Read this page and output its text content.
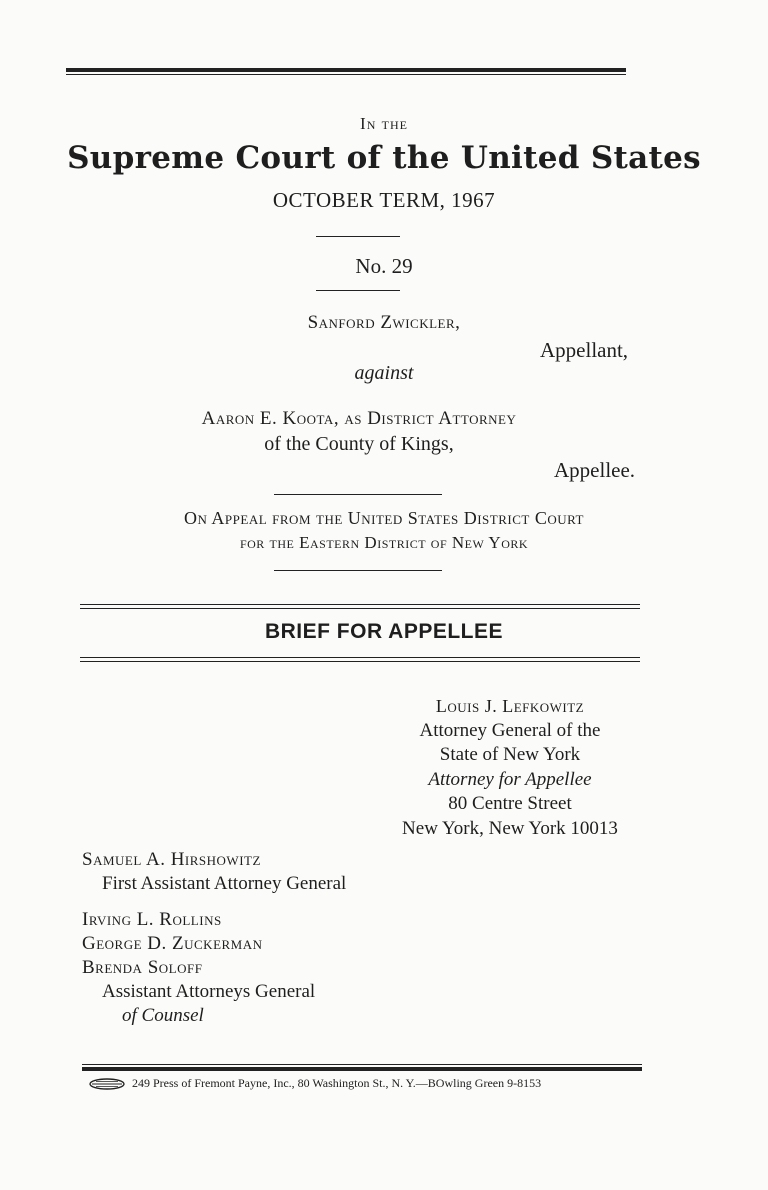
In the
Supreme Court of the United States
OCTOBER TERM, 1967
No. 29
Sanford Zwickler,
Appellant,
against
Aaron E. Koota, as District Attorney
of the County of Kings,
Appellee.
On Appeal from the United States District Court
for the Eastern District of New York
BRIEF FOR APPELLEE
Louis J. Lefkowitz
Attorney General of the
State of New York
Attorney for Appellee
80 Centre Street
New York, New York 10013
Samuel A. Hirshowitz
First Assistant Attorney General
Irving L. Rollins
George D. Zuckerman
Brenda Soloff
Assistant Attorneys General
of Counsel
249 Press of Fremont Payne, Inc., 80 Washington St., N. Y.—BOwling Green 9-8153
